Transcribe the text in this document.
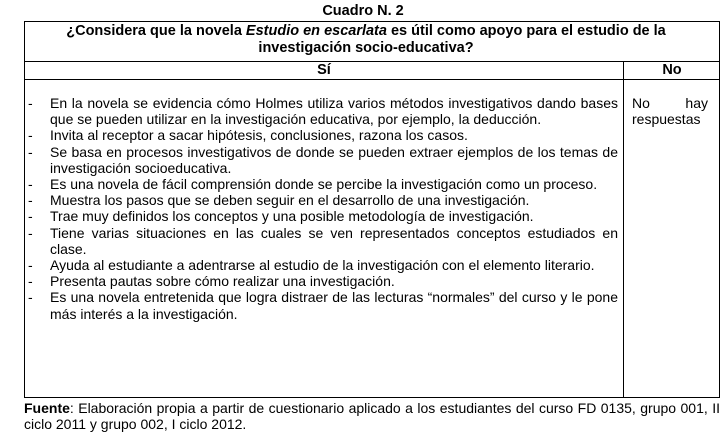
Cuadro N. 2
¿Considera que la novela Estudio en escarlata es útil como apoyo para el estudio de la investigación socio-educativa?
Sí	No
- En la novela se evidencia cómo Holmes utiliza varios métodos investigativos dando bases que se pueden utilizar en la investigación educativa, por ejemplo, la deducción.
- Invita al receptor a sacar hipótesis, conclusiones, razona los casos.
- Se basa en procesos investigativos de donde se pueden extraer ejemplos de los temas de investigación socioeducativa.
- Es una novela de fácil comprensión donde se percibe la investigación como un proceso.
- Muestra los pasos que se deben seguir en el desarrollo de una investigación.
- Trae muy definidos los conceptos y una posible metodología de investigación.
- Tiene varias situaciones en las cuales se ven representados conceptos estudiados en clase.
- Ayuda al estudiante a adentrarse al estudio de la investigación con el elemento literario.
- Presenta pautas sobre cómo realizar una investigación.
- Es una novela entretenida que logra distraer de las lecturas “normales” del curso y le pone más interés a la investigación.
No hay
respuestas
Fuente: Elaboración propia a partir de cuestionario aplicado a los estudiantes del curso FD 0135, grupo 001, II ciclo 2011 y grupo 002, I ciclo 2012.
